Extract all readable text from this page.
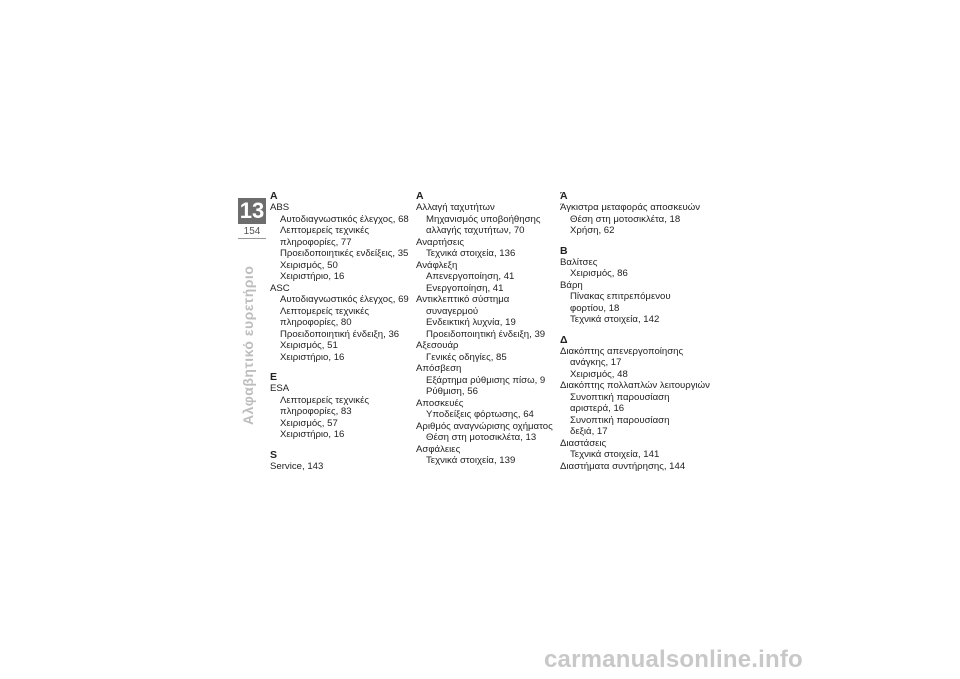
13
154
Αλφαβητικό ευρετήριο
A
ABS
Αυτοδιαγνωστικός έλεγχος, 68
Λεπτομερείς τεχνικές
πληροφορίες, 77
Προειδοποιητικές ενδείξεις, 35
Χειρισμός, 50
Χειριστήριο, 16
ASC
Αυτοδιαγνωστικός έλεγχος, 69
Λεπτομερείς τεχνικές
πληροφορίες, 80
Προειδοποιητική ένδειξη, 36
Χειρισμός, 51
Χειριστήριο, 16
E
ESA
Λεπτομερείς τεχνικές
πληροφορίες, 83
Χειρισμός, 57
Χειριστήριο, 16
S
Service, 143
Α
Αλλαγή ταχυτήτων
Μηχανισμός υποβοήθησης
αλλαγής ταχυτήτων, 70
Αναρτήσεις
Τεχνικά στοιχεία, 136
Ανάφλεξη
Απενεργοποίηση, 41
Ενεργοποίηση, 41
Αντικλεπτικό σύστημα
συναγερμού
Ενδεικτική λυχνία, 19
Προειδοποιητική ένδειξη, 39
Αξεσουάρ
Γενικές οδηγίες, 85
Απόσβεση
Εξάρτημα ρύθμισης πίσω, 9
Ρύθμιση, 56
Αποσκευές
Υποδείξεις φόρτωσης, 64
Αριθμός αναγνώρισης οχήματος
Θέση στη μοτοσικλέτα, 13
Ασφάλειες
Τεχνικά στοιχεία, 139
Ά
Άγκιστρα μεταφοράς αποσκευών
Θέση στη μοτοσικλέτα, 18
Χρήση, 62
Β
Βαλίτσες
Χειρισμός, 86
Βάρη
Πίνακας επιτρεπόμενου
φορτίου, 18
Τεχνικά στοιχεία, 142
Δ
Διακόπτης απενεργοποίησης
ανάγκης, 17
Χειρισμός, 48
Διακόπτης πολλαπλών λειτουργιών
Συνοπτική παρουσίαση
αριστερά, 16
Συνοπτική παρουσίαση
δεξιά, 17
Διαστάσεις
Τεχνικά στοιχεία, 141
Διαστήματα συντήρησης, 144
carmanualsonline.info
